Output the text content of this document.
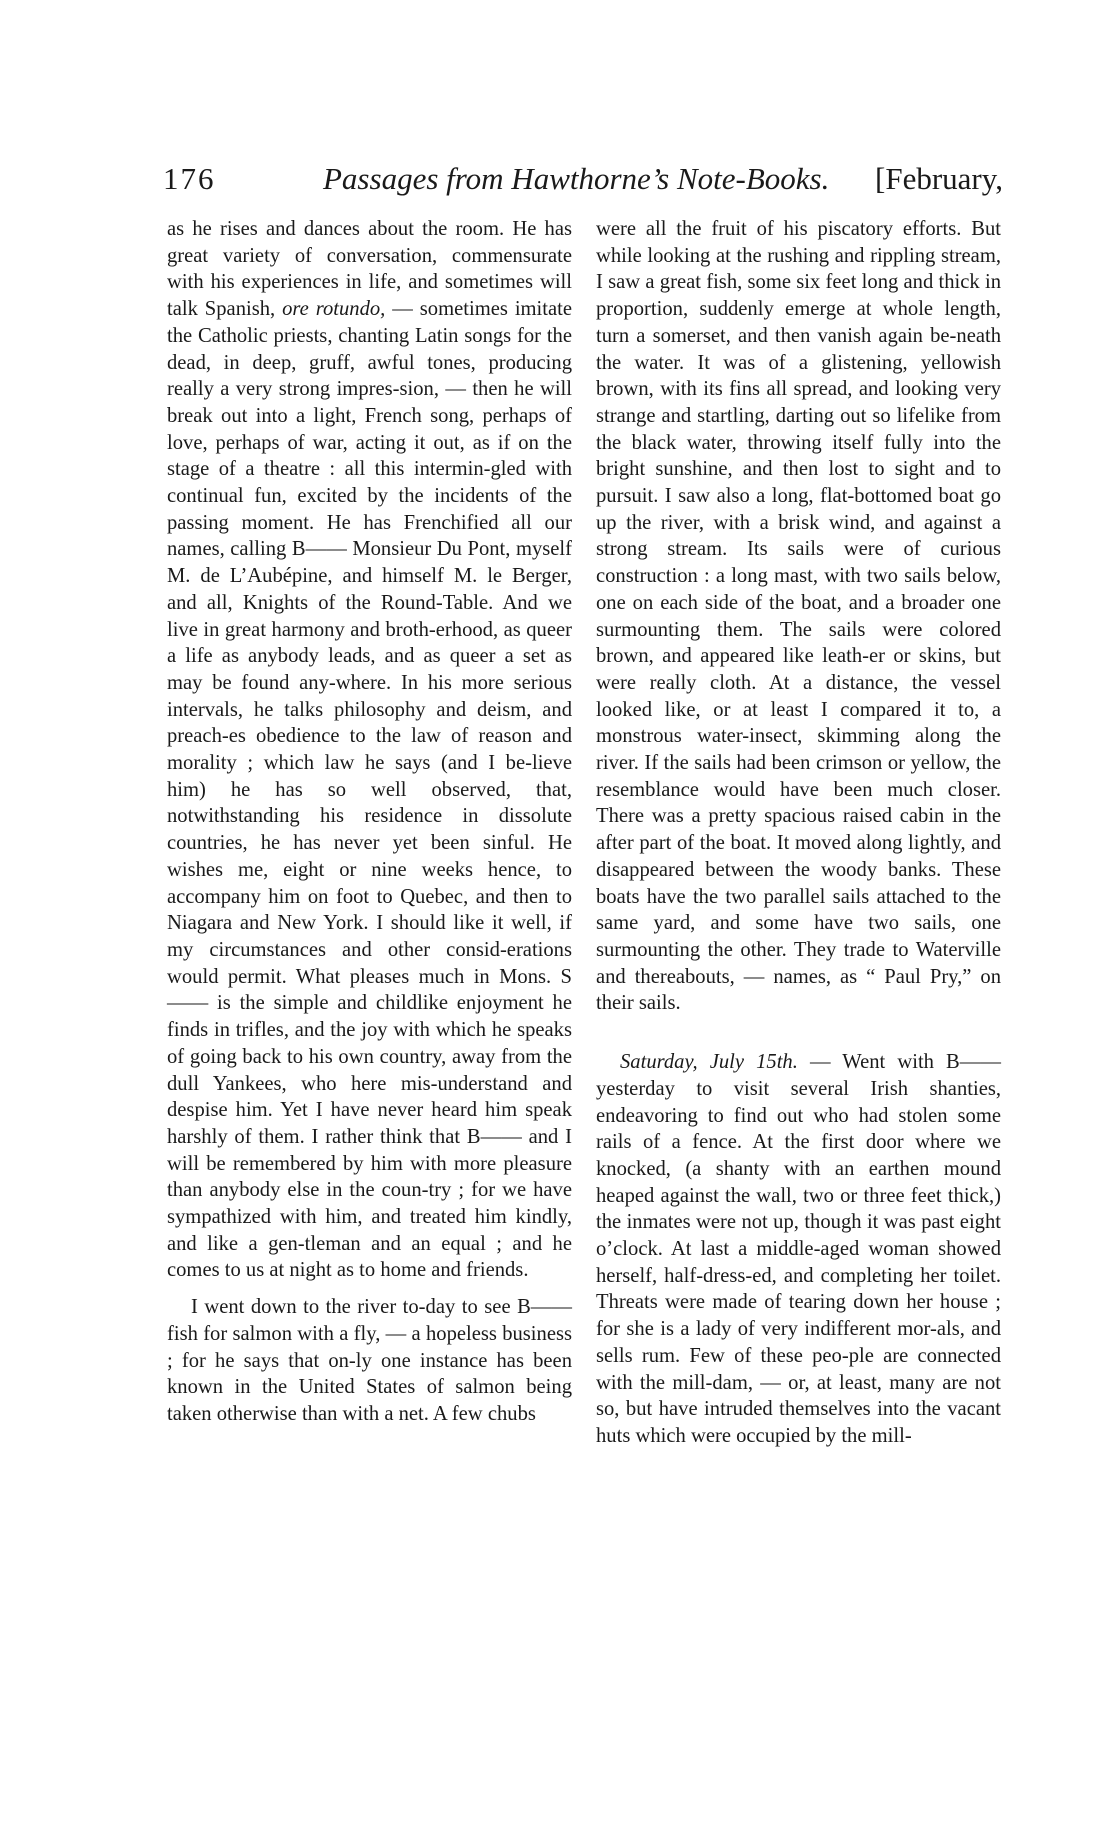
176	Passages from Hawthorne’s Note-Books. [February,

as he rises and dances about the room. He has great variety of conversation, commensurate with his experiences in life, and sometimes will talk Spanish, ore rotundo, — sometimes imitate the Catholic priests, chanting Latin songs for the dead, in deep, gruff, awful tones, producing really a very strong impres-sion, — then he will break out into a light, French song, perhaps of love, perhaps of war, acting it out, as if on the stage of a theatre : all this intermin-gled with continual fun, excited by the incidents of the passing moment. He has Frenchified all our names, calling B—— Monsieur Du Pont, myself M. de L’Aubépine, and himself M. le Berger, and all, Knights of the Round-Table. And we live in great harmony and broth-erhood, as queer a life as anybody leads, and as queer a set as may be found any-where. In his more serious intervals, he talks philosophy and deism, and preach-es obedience to the law of reason and morality ; which law he says (and I be-lieve him) he has so well observed, that, notwithstanding his residence in dissolute countries, he has never yet been sinful. He wishes me, eight or nine weeks hence, to accompany him on foot to Quebec, and then to Niagara and New York. I should like it well, if my circumstances and other consid-erations would permit. What pleases much in Mons. S—— is the simple and childlike enjoyment he finds in trifles, and the joy with which he speaks of going back to his own country, away from the dull Yankees, who here mis-understand and despise him. Yet I have never heard him speak harshly of them. I rather think that B—— and I will be remembered by him with more pleasure than anybody else in the coun-try ; for we have sympathized with him, and treated him kindly, and like a gen-tleman and an equal ; and he comes to us at night as to home and friends.

I went down to the river to-day to see B—— fish for salmon with a fly, — a hopeless business ; for he says that on-ly one instance has been known in the United States of salmon being taken otherwise than with a net. A few chubs

were all the fruit of his piscatory efforts. But while looking at the rushing and rippling stream, I saw a great fish, some six feet long and thick in proportion, suddenly emerge at whole length, turn a somerset, and then vanish again be-neath the water. It was of a glistening, yellowish brown, with its fins all spread, and looking very strange and startling, darting out so lifelike from the black water, throwing itself fully into the bright sunshine, and then lost to sight and to pursuit. I saw also a long, flat-bottomed boat go up the river, with a brisk wind, and against a strong stream. Its sails were of curious construction : a long mast, with two sails below, one on each side of the boat, and a broader one surmounting them. The sails were colored brown, and appeared like leath-er or skins, but were really cloth. At a distance, the vessel looked like, or at least I compared it to, a monstrous water-insect, skimming along the river. If the sails had been crimson or yellow, the resemblance would have been much closer. There was a pretty spacious raised cabin in the after part of the boat. It moved along lightly, and disappeared between the woody banks. These boats have the two parallel sails attached to the same yard, and some have two sails, one surmounting the other. They trade to Waterville and thereabouts, — names, as “ Paul Pry,” on their sails.

Saturday, July 15th. — Went with B—— yesterday to visit several Irish shanties, endeavoring to find out who had stolen some rails of a fence. At the first door where we knocked, (a shanty with an earthen mound heaped against the wall, two or three feet thick,) the inmates were not up, though it was past eight o’clock. At last a middle-aged woman showed herself, half-dress-ed, and completing her toilet. Threats were made of tearing down her house ; for she is a lady of very indifferent mor-als, and sells rum. Few of these peo-ple are connected with the mill-dam, — or, at least, many are not so, but have intruded themselves into the vacant huts which were occupied by the mill-
